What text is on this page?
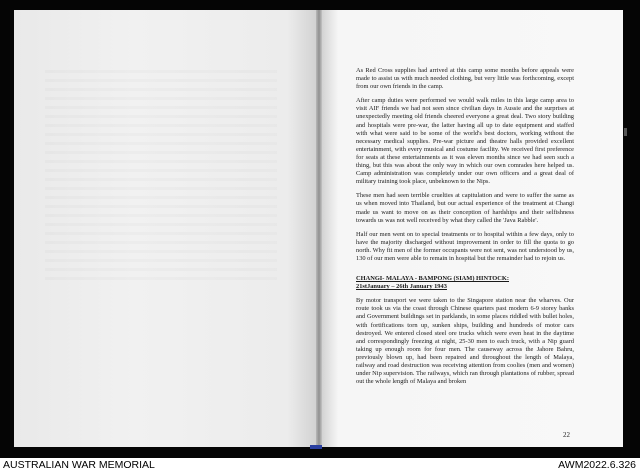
As Red Cross supplies had arrived at this camp some months before appeals were made to assist us with much needed clothing, but very little was forthcoming, except from our own friends in the camp.

After camp duties were performed we would walk miles in this large camp area to visit AIF friends we had not seen since civilian days in Aussie and the surprises at unexpectedly meeting old friends cheered everyone a great deal. Two story building and hospitals were pre-war, the latter having all up to date equipment and staffed with what were said to be some of the world's best doctors, working without the necessary medical supplies. Pre-war picture and theatre halls provided excellent entertainment, with every musical and costume facility. We received first preference for seats at these entertainments as it was eleven months since we had seen such a thing, but this was about the only way in which our own comrades here helped us. Camp administration was completely under our own officers and a great deal of military training took place, unbeknown to the Nips.

These men had seen terrible cruelties at capitulation and were to suffer the same as us when moved into Thailand, but our actual experience of the treatment at Changi made us want to move on as their conception of hardships and their selfishness towards us was not well received by what they called the 'Java Rabble'.

Half our men went on to special treatments or to hospital within a few days, only to have the majority discharged without improvement in order to fill the quota to go north. Why fit men of the former occupants were not sent, was not understood by us, 130 of our men were able to remain in hospital but the remainder had to rejoin us.

CHANGI- MALAYA - BAMPONG (SIAM) HINTOCK:
21stJanuary – 26th January 1943

By motor transport we were taken to the Singapore station near the wharves. Our route took us via the coast through Chinese quarters past modern 6-9 storey banks and Government buildings set in parklands, in some places riddled with bullet holes, with fortifications torn up, sunken ships, building and hundreds of motor cars destroyed. We entered closed steel ore trucks which were even heat in the daytime and correspondingly freezing at night, 25-30 men to each truck, with a Nip guard taking up enough room for four men. The causeway across the Jahore Bahru, previously blown up, had been repaired and throughout the length of Malaya, railway and road destruction was receiving attention from coolies (men and women) under Nip supervision. The railways, which ran through plantations of rubber, spread out the whole length of Malaya and broken

22
AUSTRALIAN WAR MEMORIAL	AWM2022.6.326
